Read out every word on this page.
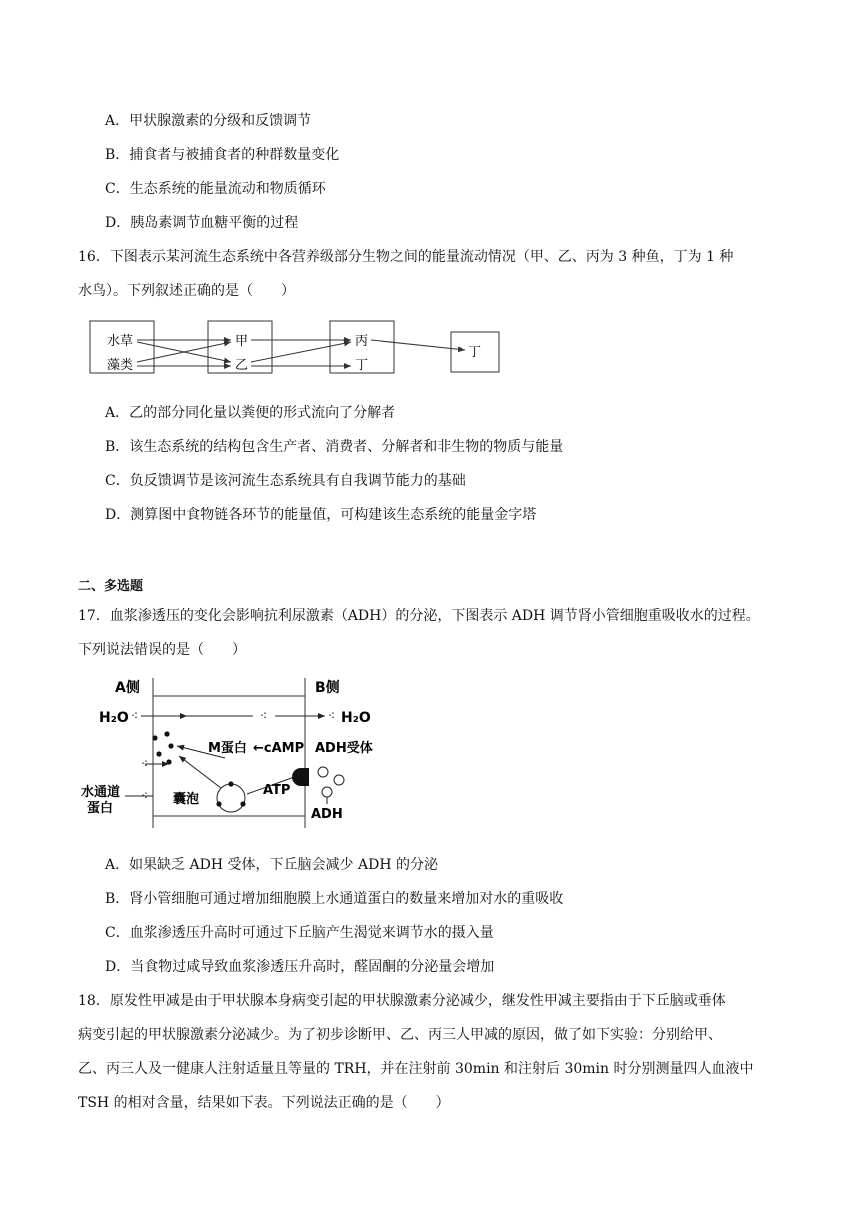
A．甲状腺激素的分级和反馈调节
B．捕食者与被捕食者的种群数量变化
C．生态系统的能量流动和物质循环
D．胰岛素调节血糖平衡的过程
16．下图表示某河流生态系统中各营养级部分生物之间的能量流动情况（甲、乙、丙为 3 种鱼，丁为 1 种
水鸟）。下列叙述正确的是（　　）
水草
藻类
甲
乙
丙
丁
丁
A．乙的部分同化量以粪便的形式流向了分解者
B．该生态系统的结构包含生产者、消费者、分解者和非生物的物质与能量
C．负反馈调节是该河流生态系统具有自我调节能力的基础
D．测算图中食物链各环节的能量值，可构建该生态系统的能量金字塔
二、多选题
17．血浆渗透压的变化会影响抗利尿激素（ADH）的分泌，下图表示 ADH 调节肾小管细胞重吸收水的过程。
下列说法错误的是（　　）
A侧	B侧
H₂O ⁖	⁖	⁖ H₂O
⁖
⁖
M蛋白 ←cAMP ADH受体
水通道
蛋白
囊泡
ATP
ADH
A．如果缺乏 ADH 受体，下丘脑会减少 ADH 的分泌
B．肾小管细胞可通过增加细胞膜上水通道蛋白的数量来增加对水的重吸收
C．血浆渗透压升高时可通过下丘脑产生渴觉来调节水的摄入量
D．当食物过咸导致血浆渗透压升高时，醛固酮的分泌量会增加
18．原发性甲减是由于甲状腺本身病变引起的甲状腺激素分泌减少，继发性甲减主要指由于下丘脑或垂体
病变引起的甲状腺激素分泌减少。为了初步诊断甲、乙、丙三人甲减的原因，做了如下实验：分别给甲、
乙、丙三人及一健康人注射适量且等量的 TRH，并在注射前 30min 和注射后 30min 时分别测量四人血液中
TSH 的相对含量，结果如下表。下列说法正确的是（　　）
